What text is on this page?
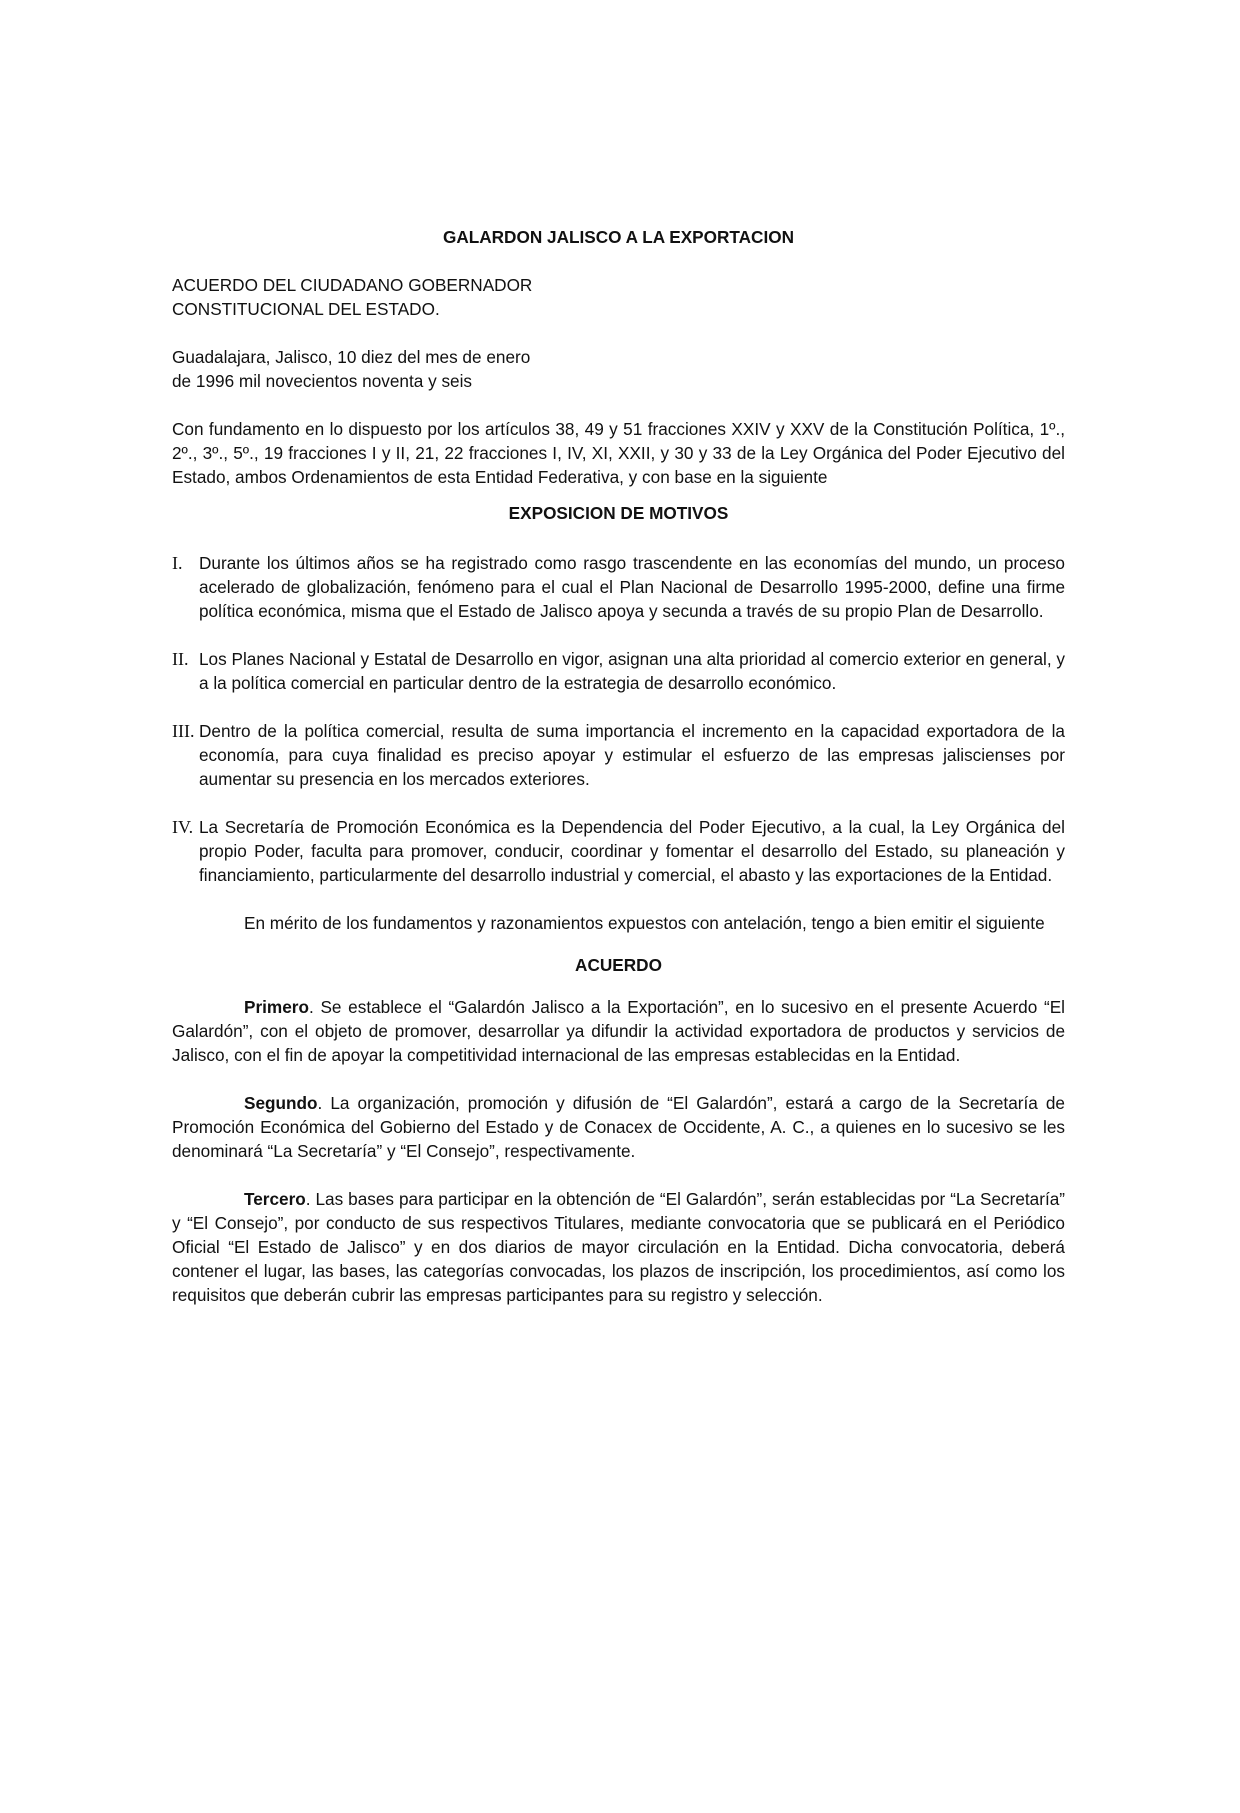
GALARDON JALISCO A LA EXPORTACION

ACUERDO DEL CIUDADANO GOBERNADOR

CONSTITUCIONAL DEL ESTADO.

Guadalajara, Jalisco, 10 diez del mes de enero

de 1996 mil novecientos noventa y seis

Con fundamento en lo dispuesto por los artículos 38, 49 y 51 fracciones XXIV y XXV de la Constitución Política, 1º., 2º., 3º., 5º., 19 fracciones I y II, 21, 22 fracciones I, IV, XI, XXII, y 30 y 33 de la Ley Orgánica del Poder Ejecutivo del Estado, ambos Ordenamientos de esta Entidad Federativa, y con base en la siguiente

EXPOSICION DE MOTIVOS

I. Durante los últimos años se ha registrado como rasgo trascendente en las economías del mundo, un proceso acelerado de globalización, fenómeno para el cual el Plan Nacional de Desarrollo 1995-2000, define una firme política económica, misma que el Estado de Jalisco apoya y secunda a través de su propio Plan de Desarrollo.
II. Los Planes Nacional y Estatal de Desarrollo en vigor, asignan una alta prioridad al comercio exterior en general, y a la política comercial en particular dentro de la estrategia de desarrollo económico.
III. Dentro de la política comercial, resulta de suma importancia el incremento en la capacidad exportadora de la economía, para cuya finalidad es preciso apoyar y estimular el esfuerzo de las empresas jaliscienses por aumentar su presencia en los mercados exteriores.
IV. La Secretaría de Promoción Económica es la Dependencia del Poder Ejecutivo, a la cual, la Ley Orgánica del propio Poder, faculta para promover, conducir, coordinar y fomentar el desarrollo del Estado, su planeación y financiamiento, particularmente del desarrollo industrial y comercial, el abasto y las exportaciones de la Entidad.

En mérito de los fundamentos y razonamientos expuestos con antelación, tengo a bien emitir el siguiente

ACUERDO

Primero. Se establece el “Galardón Jalisco a la Exportación”, en lo sucesivo en el presente Acuerdo “El Galardón”, con el objeto de promover, desarrollar ya difundir la actividad exportadora de productos y servicios de Jalisco, con el fin de apoyar la competitividad internacional de las empresas establecidas en la Entidad.

Segundo. La organización, promoción y difusión de “El Galardón”, estará a cargo de la Secretaría de Promoción Económica del Gobierno del Estado y de Conacex de Occidente, A. C., a quienes en lo sucesivo se les denominará “La Secretaría” y “El Consejo”, respectivamente.

Tercero. Las bases para participar en la obtención de “El Galardón”, serán establecidas por “La Secretaría” y “El Consejo”, por conducto de sus respectivos Titulares, mediante convocatoria que se publicará en el Periódico Oficial “El Estado de Jalisco” y en dos diarios de mayor circulación en la Entidad. Dicha convocatoria, deberá contener el lugar, las bases, las categorías convocadas, los plazos de inscripción, los procedimientos, así como los requisitos que deberán cubrir las empresas participantes para su registro y selección.
